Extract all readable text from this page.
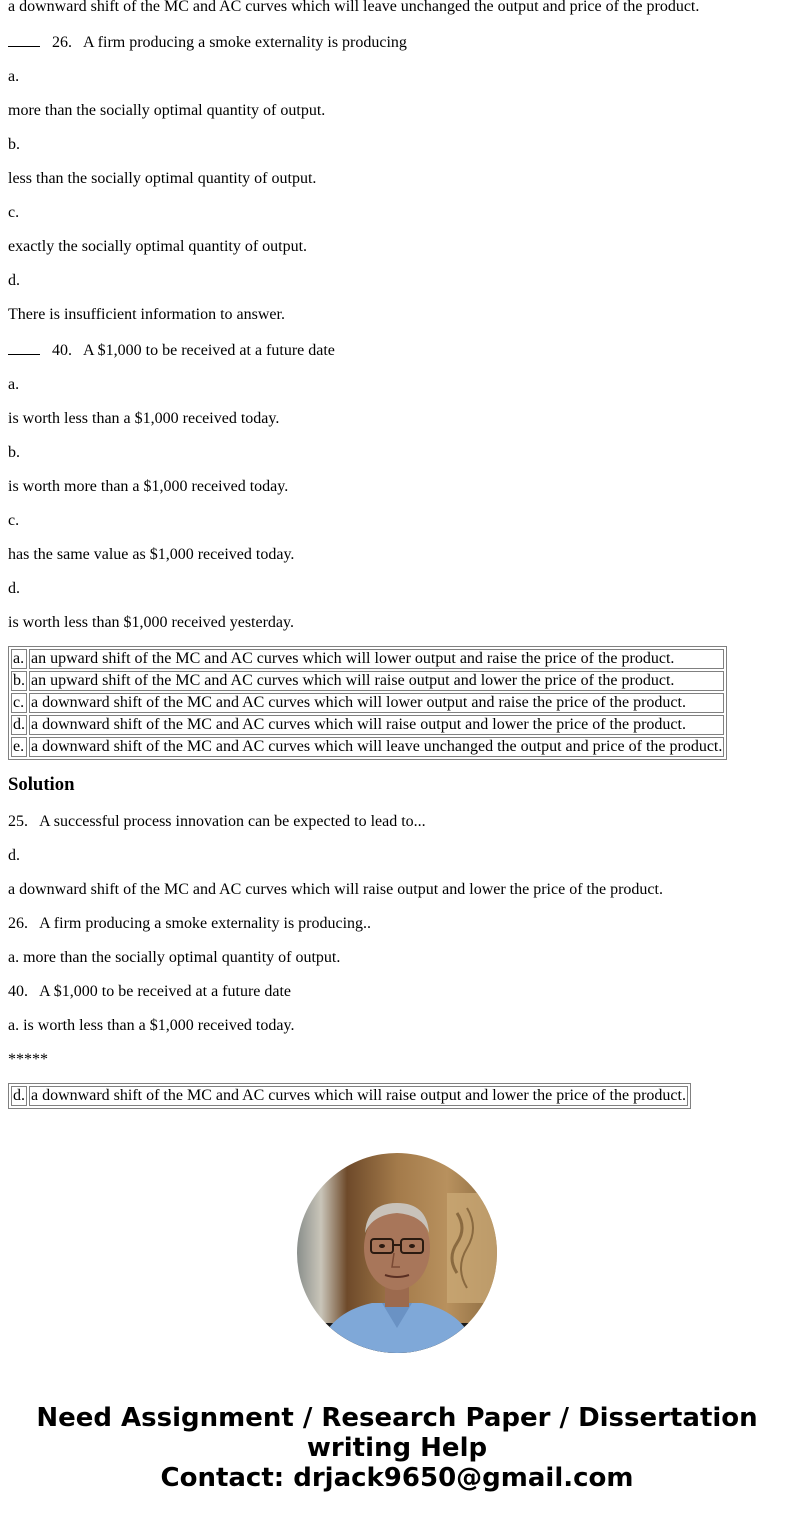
a downward shift of the MC and AC curves which will leave unchanged the output and price of the product.

26. A firm producing a smoke externality is producing

a.

more than the socially optimal quantity of output.

b.

less than the socially optimal quantity of output.

c.

exactly the socially optimal quantity of output.

d.

There is insufficient information to answer.

40. A $1,000 to be received at a future date

a.

is worth less than a $1,000 received today.

b.

is worth more than a $1,000 received today.

c.

has the same value as $1,000 received today.

d.

is worth less than $1,000 received yesterday.

a.	an upward shift of the MC and AC curves which will lower output and raise the price of the product.
b.	an upward shift of the MC and AC curves which will raise output and lower the price of the product.
c.	a downward shift of the MC and AC curves which will lower output and raise the price of the product.
d.	a downward shift of the MC and AC curves which will raise output and lower the price of the product.
e.	a downward shift of the MC and AC curves which will leave unchanged the output and price of the product.
Solution

25.   A successful process innovation can be expected to lead to...

d.

a downward shift of the MC and AC curves which will raise output and lower the price of the product.

26.   A firm producing a smoke externality is producing..

a. more than the socially optimal quantity of output.

40.   A $1,000 to be received at a future date

a. is worth less than a $1,000 received today.

*****

d.	a downward shift of the MC and AC curves which will raise output and lower the price of the product.
Need Assignment / Research Paper / Dissertation
writing Help
Contact: drjack9650@gmail.com
